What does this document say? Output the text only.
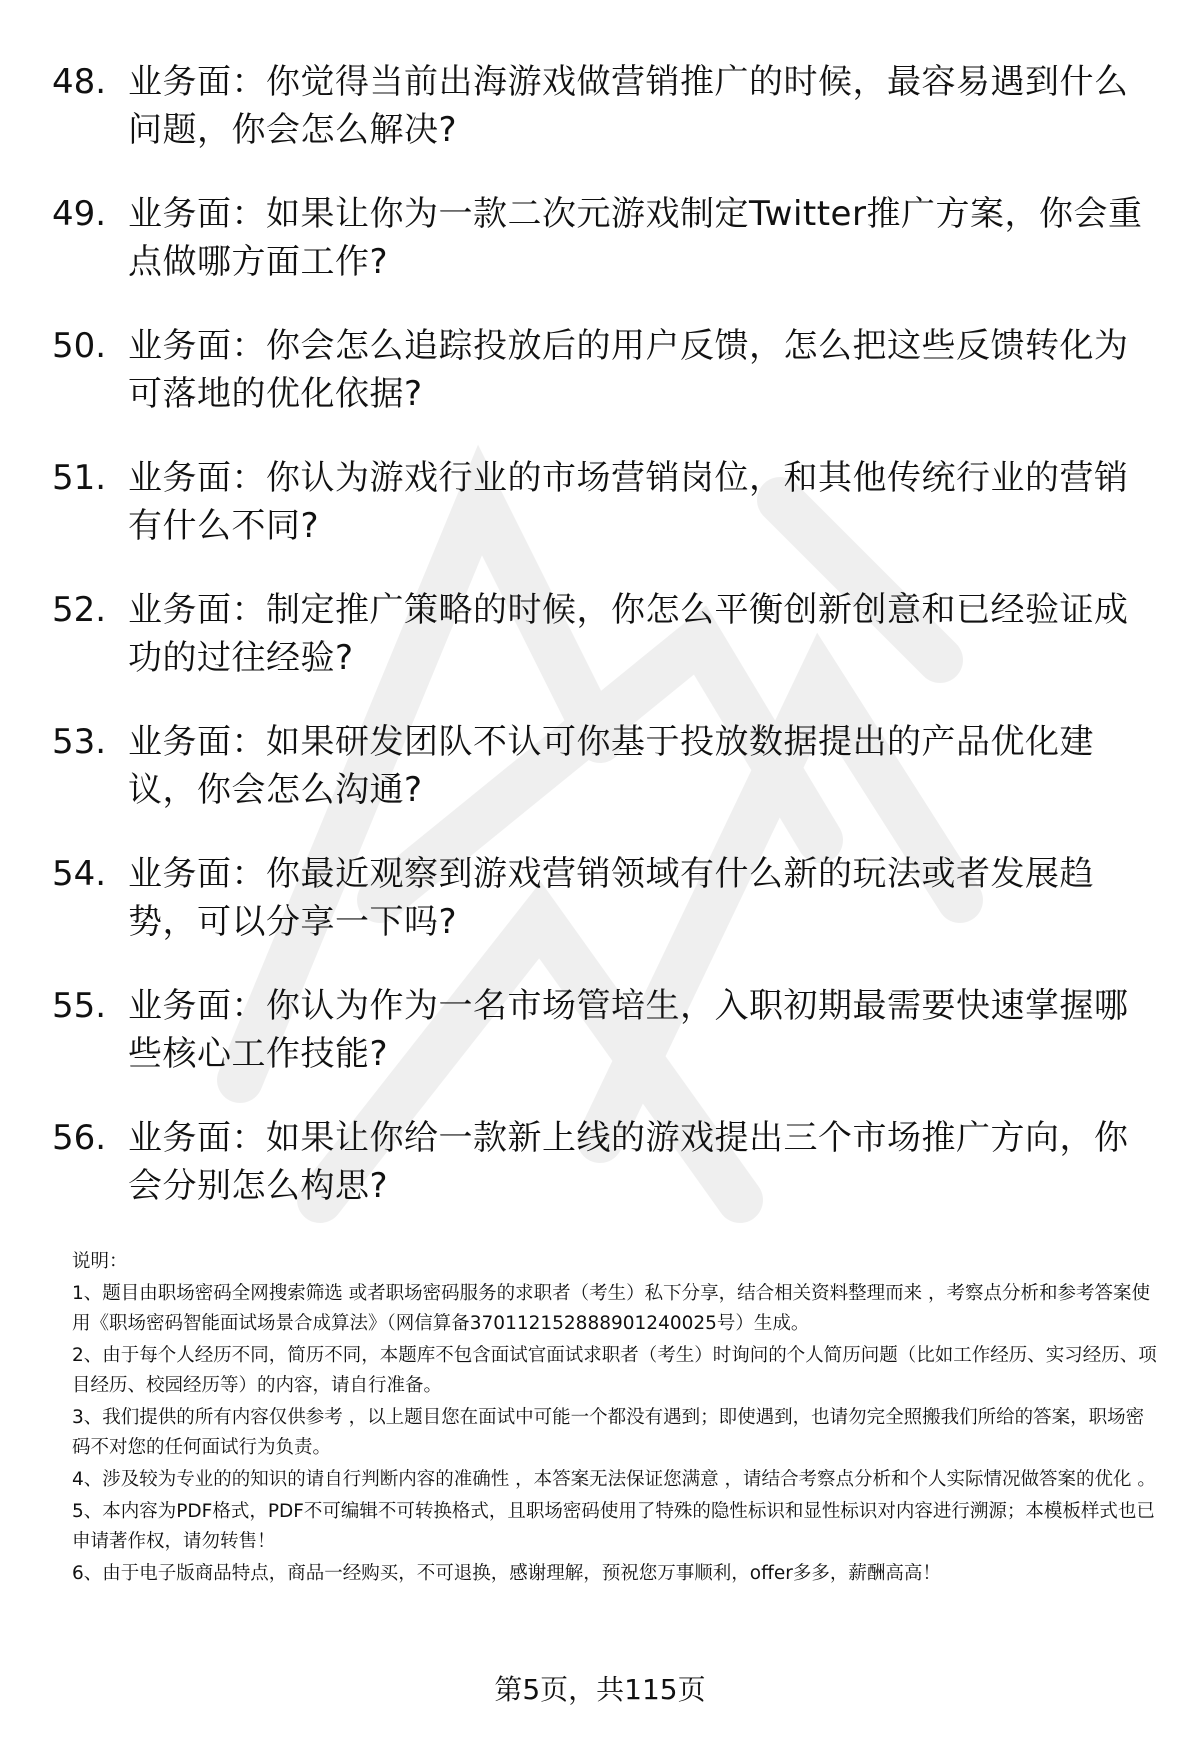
48. 业务面：你觉得当前出海游戏做营销推广的时候，最容易遇到什么问题，你会怎么解决?
49. 业务面：如果让你为一款二次元游戏制定Twitter推广方案，你会重点做哪方面工作?
50. 业务面：你会怎么追踪投放后的用户反馈，怎么把这些反馈转化为可落地的优化依据?
51. 业务面：你认为游戏行业的市场营销岗位，和其他传统行业的营销有什么不同?
52. 业务面：制定推广策略的时候，你怎么平衡创新创意和已经验证成功的过往经验?
53. 业务面：如果研发团队不认可你基于投放数据提出的产品优化建议，你会怎么沟通?
54. 业务面：你最近观察到游戏营销领域有什么新的玩法或者发展趋势，可以分享一下吗?
55. 业务面：你认为作为一名市场管培生，入职初期最需要快速掌握哪些核心工作技能?
56. 业务面：如果让你给一款新上线的游戏提出三个市场推广方向，你会分别怎么构思?

说明：

1、题目由职场密码全网搜索筛选 或者职场密码服务的求职者（考生）私下分享，结合相关资料整理而来 ，考察点分析和参考答案使用《职场密码智能面试场景合成算法》（网信算备370112152888901240025号）生成。

2、由于每个人经历不同，简历不同，本题库不包含面试官面试求职者（考生）时询问的个人简历问题（比如工作经历、实习经历、项目经历、校园经历等）的内容，请自行准备。

3、我们提供的所有内容仅供参考 ，以上题目您在面试中可能一个都没有遇到；即使遇到，也请勿完全照搬我们所给的答案，职场密码不对您的任何面试行为负责。

4、涉及较为专业的的知识的请自行判断内容的准确性 ，本答案无法保证您满意 ，请结合考察点分析和个人实际情况做答案的优化 。

5、本内容为PDF格式，PDF不可编辑不可转换格式，且职场密码使用了特殊的隐性标识和显性标识对内容进行溯源；本模板样式也已申请著作权，请勿转售！

6、由于电子版商品特点，商品一经购买，不可退换，感谢理解，预祝您万事顺利，offer多多，薪酬高高！

第5页，共115页
